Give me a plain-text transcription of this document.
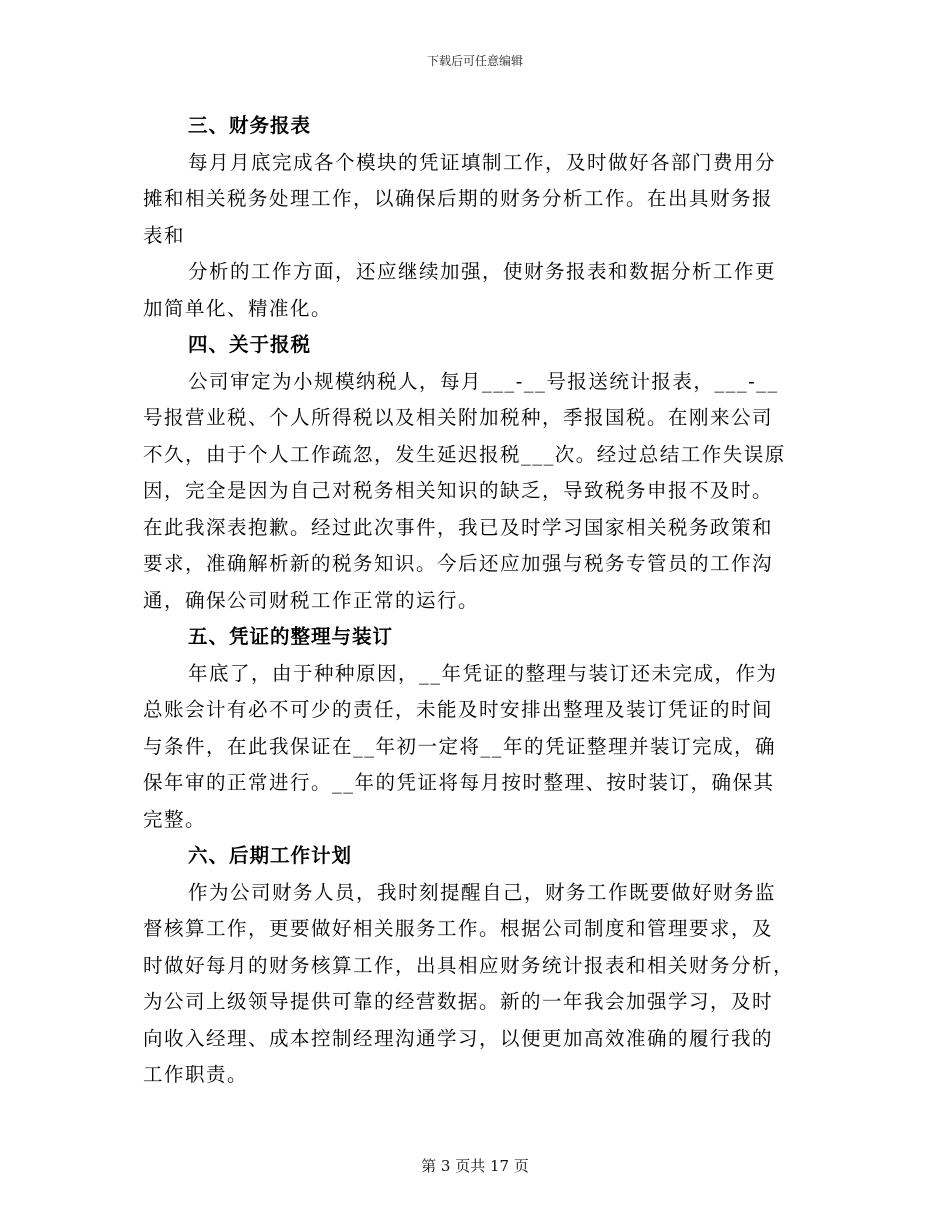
下载后可任意编辑
三、财务报表

每月月底完成各个模块的凭证填制工作，及时做好各部门费用分
摊和相关税务处理工作，以确保后期的财务分析工作。在出具财务报
表和

分析的工作方面，还应继续加强，使财务报表和数据分析工作更
加简单化、精准化。

四、关于报税

公司审定为小规模纳税人，每月___-__号报送统计报表，___-__
号报营业税、个人所得税以及相关附加税种，季报国税。在刚来公司
不久，由于个人工作疏忽，发生延迟报税___次。经过总结工作失误原
因，完全是因为自己对税务相关知识的缺乏，导致税务申报不及时。
在此我深表抱歉。经过此次事件，我已及时学习国家相关税务政策和
要求，准确解析新的税务知识。今后还应加强与税务专管员的工作沟
通，确保公司财税工作正常的运行。

五、凭证的整理与装订

年底了，由于种种原因，__年凭证的整理与装订还未完成，作为
总账会计有必不可少的责任，未能及时安排出整理及装订凭证的时间
与条件，在此我保证在__年初一定将__年的凭证整理并装订完成，确
保年审的正常进行。__年的凭证将每月按时整理、按时装订，确保其
完整。

六、后期工作计划

作为公司财务人员，我时刻提醒自己，财务工作既要做好财务监
督核算工作，更要做好相关服务工作。根据公司制度和管理要求，及
时做好每月的财务核算工作，出具相应财务统计报表和相关财务分析，
为公司上级领导提供可靠的经营数据。新的一年我会加强学习，及时
向收入经理、成本控制经理沟通学习，以便更加高效准确的履行我的
工作职责。

第 3 页共 17 页
